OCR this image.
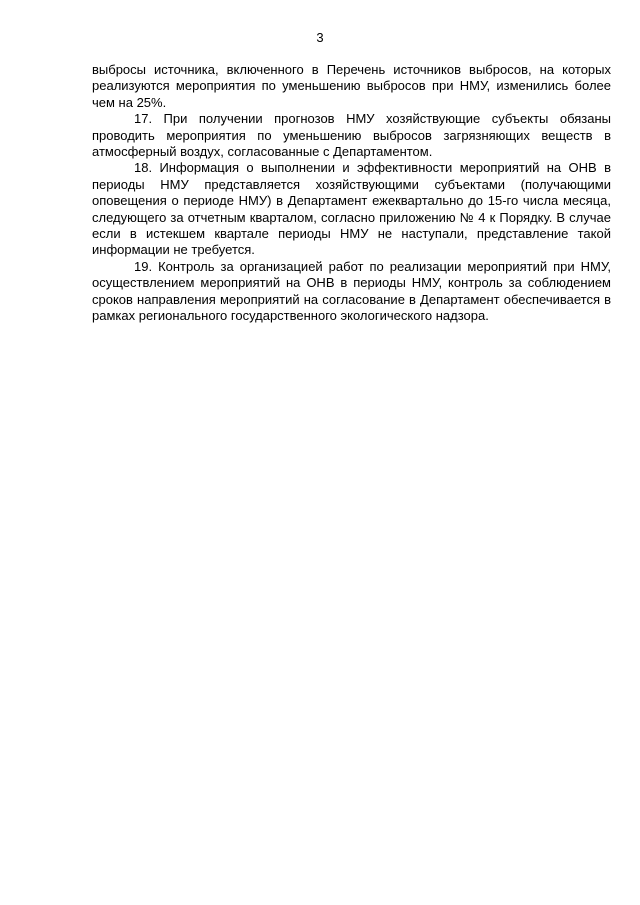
3

выбросы источника, включенного в Перечень источников выбросов, на которых реализуются мероприятия по уменьшению выбросов при НМУ, изменились более чем на 25%.

17. При получении прогнозов НМУ хозяйствующие субъекты обязаны проводить мероприятия по уменьшению выбросов загрязняющих веществ в атмосферный воздух, согласованные с Департаментом.

18. Информация о выполнении и эффективности мероприятий на ОНВ в периоды НМУ представляется хозяйствующими субъектами (получающими оповещения о периоде НМУ) в Департамент ежеквартально до 15-го числа месяца, следующего за отчетным кварталом, согласно приложению № 4 к Порядку. В случае если в истекшем квартале периоды НМУ не наступали, представление такой информации не требуется.

19. Контроль за организацией работ по реализации мероприятий при НМУ, осуществлением мероприятий на ОНВ в периоды НМУ, контроль за соблюдением сроков направления мероприятий на согласование в Департамент обеспечивается в рамках регионального государственного экологического надзора.
